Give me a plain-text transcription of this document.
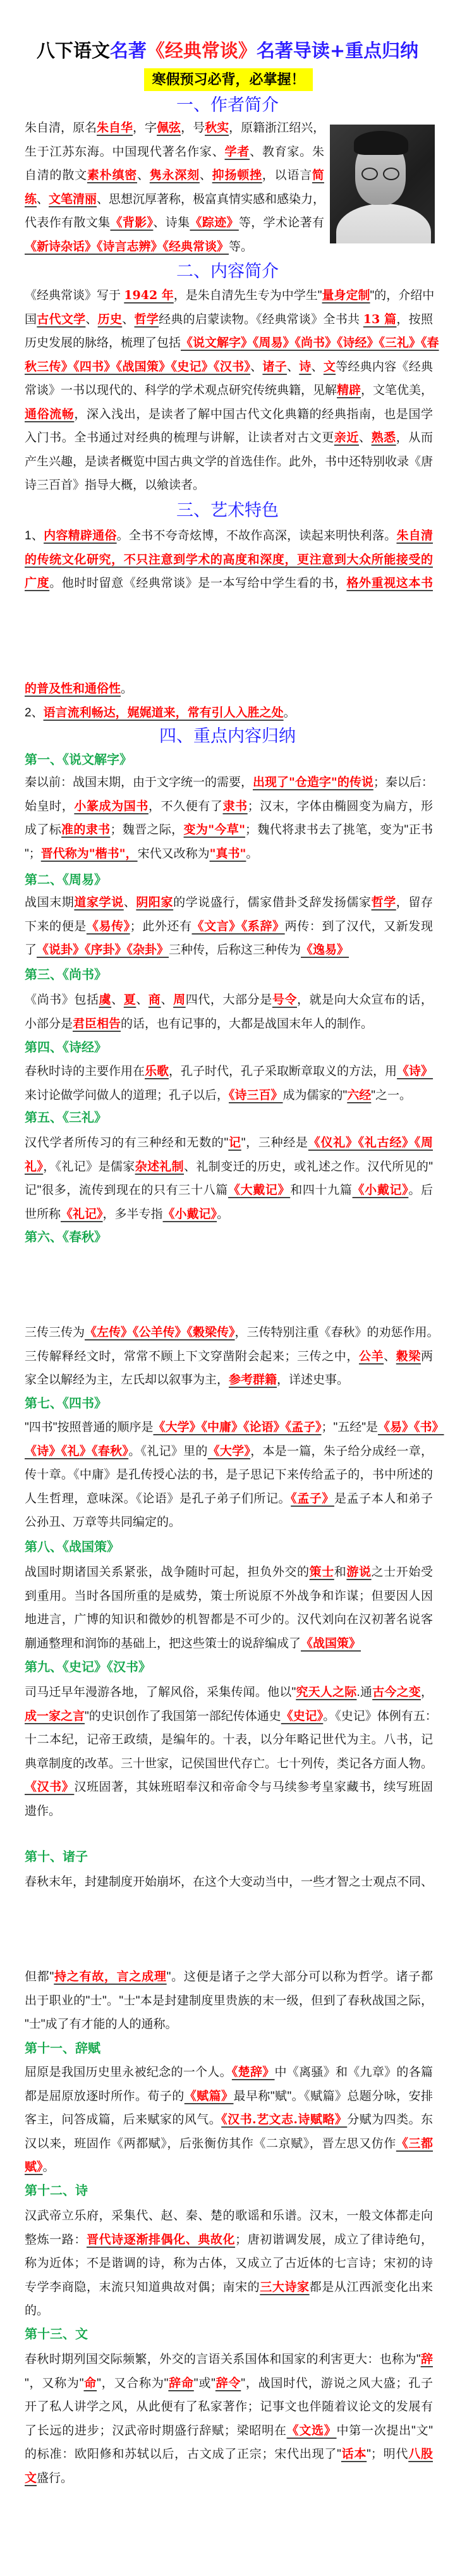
八下语文名著《经典常谈》名著导读+重点归纳
寒假预习必背，必掌握！
一、作者简介
朱自清，原名朱自华，字佩弦，号秋实，原籍浙江绍兴，
生于江苏东海。中国现代著名作家、学者、教育家。朱
自清的散文素朴缜密、隽永深刻、抑扬顿挫，以语言简
练、文笔清丽、思想沉厚著称，极富真情实感和感染力，
代表作有散文集《背影》、诗集《踪迹》等，学术论著有
《新诗杂话》《诗言志辨》《经典常谈》等。
二、内容简介
《经典常谈》写于 1942 年，是朱自清先生专为中学生"量身定制"的，介绍中
国古代文学、历史、哲学经典的启蒙读物。《经典常谈》全书共 13 篇，按照
历史发展的脉络，梳理了包括《说文解字》《周易》《尚书》《诗经》《三礼》《春
秋三传》《四书》《战国策》《史记》《汉书》、诸子、诗、文等经典内容《经典
常谈》一书以现代的、科学的学术观点研究传统典籍，见解精辟，文笔优美，
通俗流畅，深入浅出，是读者了解中国古代文化典籍的经典指南，也是国学
入门书。全书通过对经典的梳理与讲解，让读者对古文更亲近、熟悉，从而
产生兴趣，是读者概览中国古典文学的首选佳作。此外，书中还特别收录《唐
诗三百首》指导大概，以飨读者。
三、艺术特色
1、内容精辟通俗。全书不夸奇炫博，不故作高深，读起来明快利落。朱自清
的传统文化研究，不只注意到学术的高度和深度，更注意到大众所能接受的
广度。他时时留意《经典常谈》是一本写给中学生看的书，格外重视这本书
的普及性和通俗性。
2、语言流利畅达，娓娓道来，常有引人入胜之处。
四、重点内容归纳
第一、《说文解字》
秦以前：战国末期，由于文字统一的需要，出现了"仓造字"的传说；秦以后：
始皇时，小篆成为国书，不久便有了隶书；汉末，字体由椭圆变为扁方，形
成了标准的隶书；魏晋之际，变为"今草"；魏代将隶书去了挑笔，变为"正书
"；晋代称为"楷书"，宋代又改称为"真书"。
第二、《周易》
战国末期道家学说、阴阳家的学说盛行，儒家借卦爻辞发扬儒家哲学，留存
下来的便是《易传》；此外还有《文言》《系辞》两传：到了汉代，又新发现
了《说卦》《序卦》《杂卦》三种传，后称这三种传为《逸易》
第三、《尚书》
《尚书》包括虞、夏、商、周四代，大部分是号令，就是向大众宣布的话，
小部分是君臣相告的话，也有记事的，大都是战国末年人的制作。
第四、《诗经》
春秋时诗的主要作用在乐歌，孔子时代，孔子采取断章取义的方法，用《诗》
来讨论做学问做人的道理；孔子以后，《诗三百》成为儒家的"六经"之一。
第五、《三礼》
汉代学者所传习的有三种经和无数的"记"，三种经是《仪礼》《礼古经》《周
礼》，《礼记》是儒家杂述礼制、礼制变迁的历史，或礼述之作。汉代所见的"
记"很多，流传到现在的只有三十八篇《大戴记》和四十九篇《小戴记》。后
世所称《礼记》，多半专指《小戴记》。
第六、《春秋》
三传三传为《左传》《公羊传》《穀梁传》，三传特别注重《春秋》的劝惩作用。
三传解释经文时，常常不顾上下文穿凿附会起来；三传之中，公羊、穀梁两
家全以解经为主，左氏却以叙事为主，参考群籍，详述史事。
第七、《四书》
"四书"按照普通的顺序是《大学》《中庸》《论语》《孟子》；"五经"是《易》《书》
《诗》《礼》《春秋》。《礼记》里的《大学》，本是一篇，朱子给分成经一章，
传十章。《中庸》是孔传授心法的书，是子思记下来传给孟子的，书中所述的
人生哲理，意味深。《论语》是孔子弟子们所记。《孟子》是孟子本人和弟子
公孙丑、万章等共同编定的。
第八、《战国策》
战国时期诸国关系紧张，战争随时可起，担负外交的策士和游说之士开始受
到重用。当时各国所重的是威势，策士所说原不外战争和诈谋；但要因人因
地进言，广博的知识和微妙的机智都是不可少的。汉代刘向在汉初著名说客
蒯通整理和润饰的基础上，把这些策士的说辞编成了《战国策》
第九、《史记》《汉书》
司马迁早年漫游各地，了解风俗，采集传闻。他以"究天人之际.通古今之变，
成一家之言"的史识创作了我国第一部纪传体通史《史记》。《史记》体例有五：
十二本纪，记帝王政绩，是编年的。十表，以分年略记世代为主。八书，记
典章制度的改革。三十世家，记侯国世代存亡。七十列传，类记各方面人物。
《汉书》汉班固著，其妹班昭奉汉和帝命令与马续参考皇家藏书，续写班固
遗作。
第十、诸子
春秋末年，封建制度开始崩坏，在这个大变动当中，一些才智之士观点不同、
但都"持之有故，言之成理"。这便是诸子之学大部分可以称为哲学。诸子都
出于职业的"士"。"士"本是封建制度里贵族的末一级，但到了春秋战国之际，
"士"成了有才能的人的通称。
第十一、辞赋
屈原是我国历史里永被纪念的一个人。《楚辞》中《离骚》和《九章》的各篇
都是屈原放逐时所作。荀子的《赋篇》最早称"赋"。《赋篇》总题分咏，安排
客主，问答成篇，后来赋家的风气。《汉书.艺文志.诗赋略》分赋为四类。东
汉以来，班固作《两都赋》，后张衡仿其作《二京赋》，晋左思又仿作《三都
赋》。
第十二、诗
汉武帝立乐府，采集代、赵、秦、楚的歌谣和乐谱。汉末，一般文体都走向
整炼一路：晋代诗逐渐排偶化、典故化；唐初谐调发展，成立了律诗绝句，
称为近体；不是谐调的诗，称为古体，又成立了古近体的七言诗；宋初的诗
专学李商隐，末流只知道典故对偶；南宋的三大诗家都是从江西派变化出来
的。
第十三、文
春秋时期列国交际频繁，外交的言语关系国体和国家的利害更大：也称为"辞
"，又称为"命"，又合称为"辞命"或"辞令"，战国时代，游说之风大盛；孔子
开了私人讲学之风，从此便有了私家著作；记事文也伴随着议论文的发展有
了长远的进步；汉武帝时期盛行辞赋；梁昭明在《文选》中第一次提出"文"
的标准：欧阳修和苏轼以后，古文成了正宗；宋代出现了"话本"；明代八股
文盛行。
